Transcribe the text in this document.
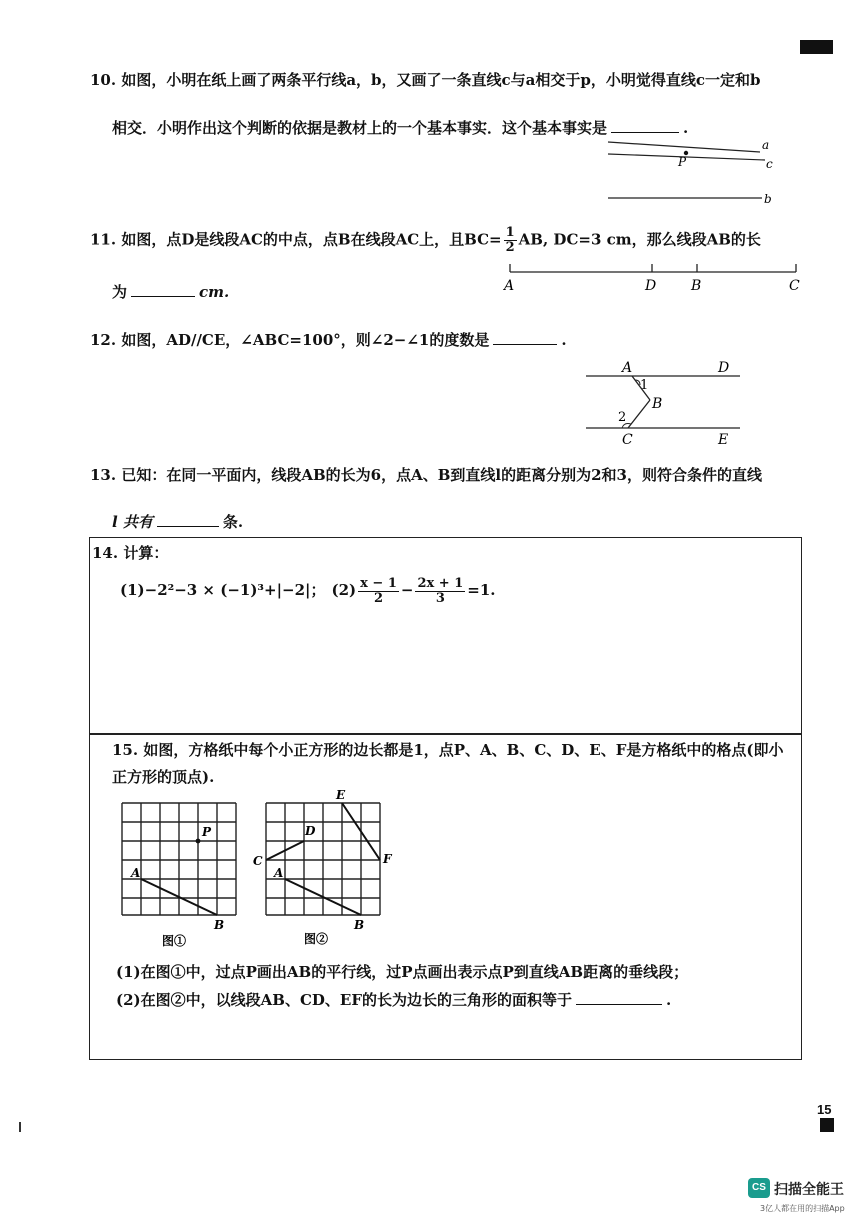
10. 如图，小明在纸上画了两条平行线a，b，又画了一条直线c与a相交于p，小明觉得直线c一定和b
相交．小明作出这个判断的依据是教材上的一个基本事实．这个基本事实是	.
a
c
b
P
11. 如图，点D是线段AC的中点，点B在线段AC上，且$BC= \frac{1}{2}$ AB, DC=3 cm，那么线段AB的长
为	cm.	A	D B	C
12. 如图，AD//CE，∠ABC=100°，则∠2−∠1的度数是	.
A	D
1
B
2
C	E
13. 已知：在同一平面内，线段AB的长为6，点A、B到直线l的距离分别为2和3，则符合条件的直线
l 共有	条.
14. 计算：
(1)−2²−3 × (−1)³+|−2|； $(2) \frac{x - 1}{2} - \frac{2x + 1}{3} =1$.
15. 如图，方格纸中每个小正方形的边长都是1，点P、A、B、C、D、E、F是方格纸中的格点(即小
正方形的顶点).
P
A
B
图①
E
D
C	F
A
B
图②
(1)在图①中，过点P画出AB的平行线，过P点画出表示点P到直线AB距离的垂线段；
(2)在图②中，以线段AB、CD、EF的长为边长的三角形的面积等于	.
15
CS 扫描全能王
3亿人都在用的扫描App
